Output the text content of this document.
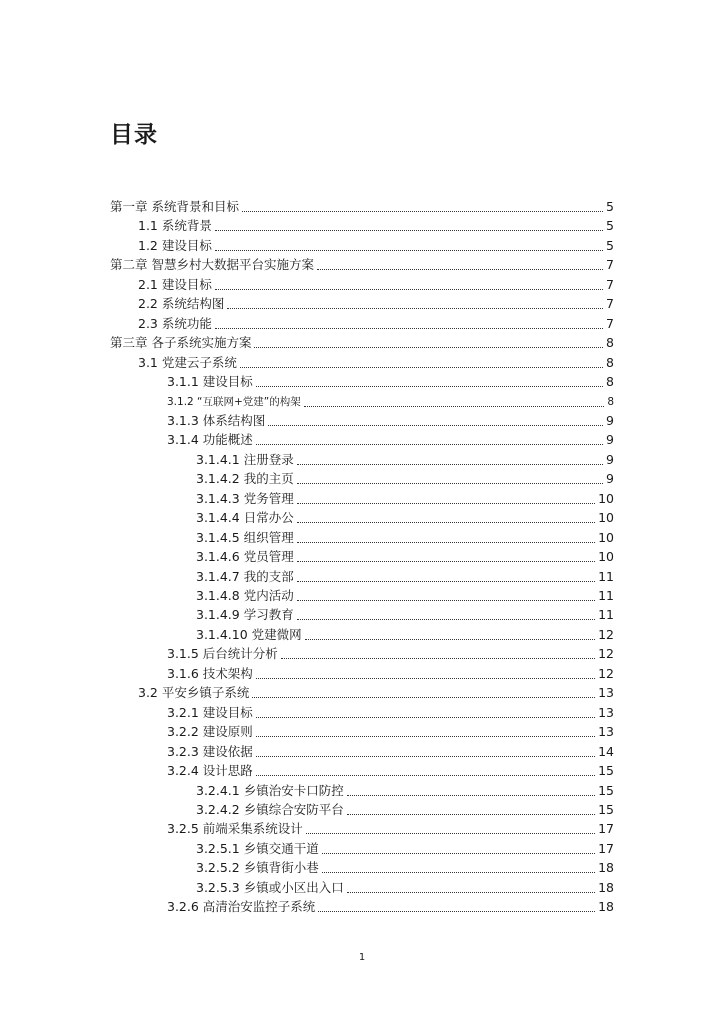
目录
第一章 系统背景和目标	5
1.1 系统背景	5
1.2 建设目标	5
第二章 智慧乡村大数据平台实施方案	7
2.1 建设目标	7
2.2 系统结构图	7
2.3 系统功能	7
第三章 各子系统实施方案	8
3.1 党建云子系统	8
3.1.1 建设目标	8
3.1.2 “互联网+党建”的构架	8
3.1.3 体系结构图	9
3.1.4 功能概述	9
3.1.4.1 注册登录	9
3.1.4.2 我的主页	9
3.1.4.3 党务管理	10
3.1.4.4 日常办公	10
3.1.4.5 组织管理	10
3.1.4.6 党员管理	10
3.1.4.7 我的支部	11
3.1.4.8 党内活动	11
3.1.4.9 学习教育	11
3.1.4.10 党建微网	12
3.1.5 后台统计分析	12
3.1.6 技术架构	12
3.2 平安乡镇子系统	13
3.2.1 建设目标	13
3.2.2 建设原则	13
3.2.3 建设依据	14
3.2.4 设计思路	15
3.2.4.1 乡镇治安卡口防控	15
3.2.4.2 乡镇综合安防平台	15
3.2.5 前端采集系统设计	17
3.2.5.1 乡镇交通干道	17
3.2.5.2 乡镇背街小巷	18
3.2.5.3 乡镇或小区出入口	18
3.2.6 高清治安监控子系统	18
1
